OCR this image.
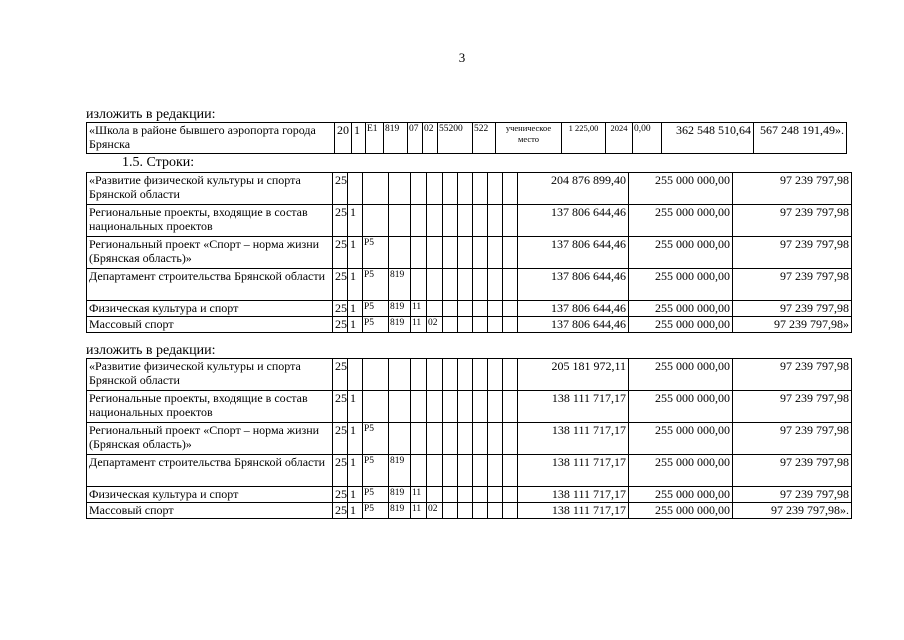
3
изложить в редакции:
«Школа в районе бывшего аэропорта города Брянска	20	1	Е1	819	07	02	55200	522	ученическое место	1 225,00	2024	0,00	362 548 510,64	567 248 191,49».
1.5. Строки:
«Развитие физической культуры и спорта Брянской области	25											204 876 899,40	255 000 000,00	97 239 797,98
Региональные проекты, входящие в состав национальных проектов	25	1										137 806 644,46	255 000 000,00	97 239 797,98
Региональный проект «Спорт – норма жизни (Брянская область)»	25	1	Р5									137 806 644,46	255 000 000,00	97 239 797,98
Департамент строительства Брянской области	25	1	Р5	819								137 806 644,46	255 000 000,00	97 239 797,98
Физическая культура и спорт	25	1	Р5	819	11							137 806 644,46	255 000 000,00	97 239 797,98
Массовый спорт	25	1	Р5	819	11	02						137 806 644,46	255 000 000,00	97 239 797,98»
изложить в редакции:
«Развитие физической культуры и спорта Брянской области	25											205 181 972,11	255 000 000,00	97 239 797,98
Региональные проекты, входящие в состав национальных проектов	25	1										138 111 717,17	255 000 000,00	97 239 797,98
Региональный проект «Спорт – норма жизни (Брянская область)»	25	1	Р5									138 111 717,17	255 000 000,00	97 239 797,98
Департамент строительства Брянской области	25	1	Р5	819								138 111 717,17	255 000 000,00	97 239 797,98
Физическая культура и спорт	25	1	Р5	819	11							138 111 717,17	255 000 000,00	97 239 797,98
Массовый спорт	25	1	Р5	819	11	02						138 111 717,17	255 000 000,00	97 239 797,98».
